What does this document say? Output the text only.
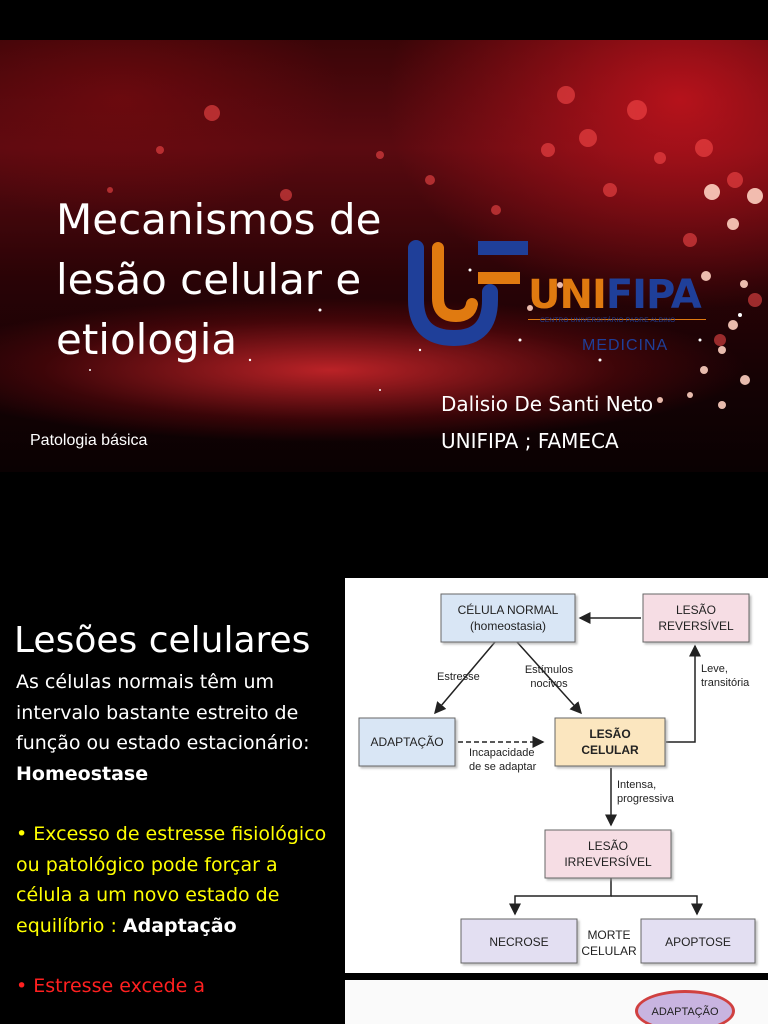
Mecanismos de lesão celular e etiologia
Patologia básica
UNIFIPA
CENTRO UNIVERSITÁRIO PADRE ALBINO
MEDICINA
Dalisio De Santi Neto
UNIFIPA ; FAMECA
Lesões celulares

As células normais têm um intervalo bastante estreito de função ou estado estacionário: Homeostase

• Excesso de estresse fisiológico ou patológico pode forçar a célula a um novo estado de equilíbrio : Adaptação

• Estresse excede a

CÉLULA NORMAL
(homeostasia)
LESÃO
REVERSÍVEL
ADAPTAÇÃO
LESÃO
CELULAR
LESÃO
IRREVERSÍVEL
NECROSE	APOPTOSE
MORTE
CELULAR
Estresse
Estímulos
nocivos
Incapacidade
de se adaptar
Leve,
transitória
Intensa,
progressiva
ADAPTAÇÃO
